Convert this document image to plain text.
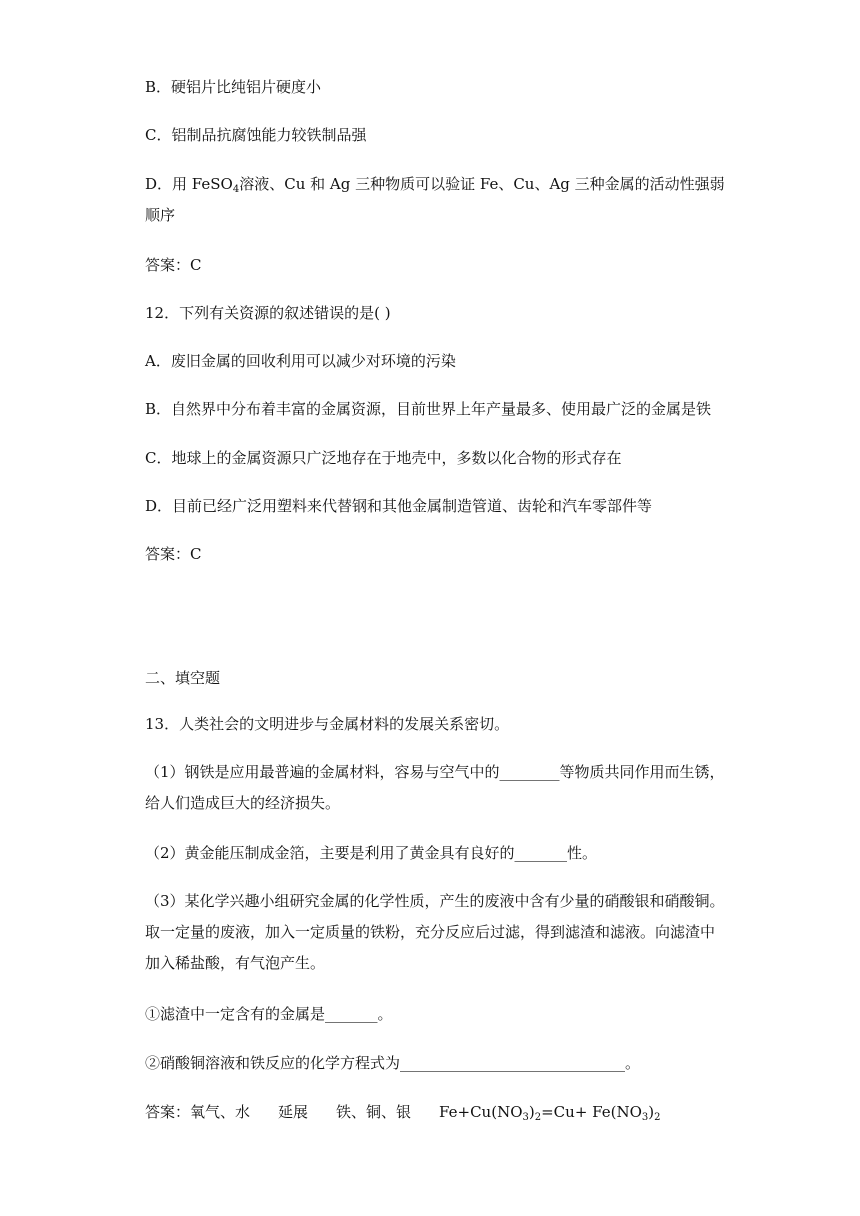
B．硬铝片比纯铝片硬度小
C．铝制品抗腐蚀能力较铁制品强
D．用 FeSO$_4$溶液、Cu 和 Ag 三种物质可以验证 Fe、Cu、Ag 三种金属的活动性强弱
顺序
答案：C
12．下列有关资源的叙述错误的是( )
A．废旧金属的回收利用可以减少对环境的污染
B．自然界中分布着丰富的金属资源，目前世界上年产量最多、使用最广泛的金属是铁
C．地球上的金属资源只广泛地存在于地壳中，多数以化合物的形式存在
D．目前已经广泛用塑料来代替钢和其他金属制造管道、齿轮和汽车零部件等
答案：C
二、填空题
13．人类社会的文明进步与金属材料的发展关系密切。
（1）钢铁是应用最普遍的金属材料，容易与空气中的________等物质共同作用而生锈，
给人们造成巨大的经济损失。
（2）黄金能压制成金箔，主要是利用了黄金具有良好的_______性。
（3）某化学兴趣小组研究金属的化学性质，产生的废液中含有少量的硝酸银和硝酸铜。
取一定量的废液，加入一定质量的铁粉，充分反应后过滤，得到滤渣和滤液。向滤渣中
加入稀盐酸，有气泡产生。
①滤渣中一定含有的金属是_______。
②硝酸铜溶液和铁反应的化学方程式为______________________________。
答案：氧气、水 延展 铁、铜、银 $Fe+Cu(NO_3)_2=Cu+ Fe(NO_3)_2$
